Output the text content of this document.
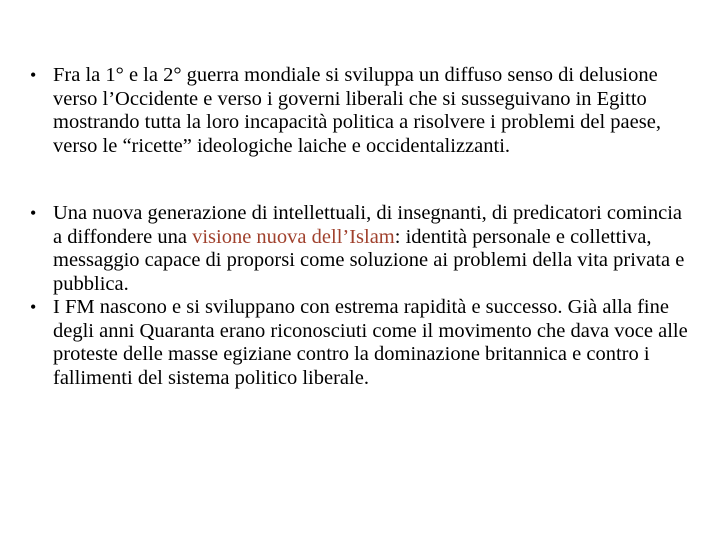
• Fra la 1° e la 2° guerra mondiale si sviluppa un diffuso senso di delusione verso l’Occidente e verso i governi liberali che si susseguivano in Egitto mostrando tutta la loro incapacità politica a risolvere i problemi del paese, verso le “ricette” ideologiche laiche e occidentalizzanti.
• Una nuova generazione di intellettuali, di insegnanti, di predicatori comincia a diffondere una visione nuova dell’Islam: identità personale e collettiva, messaggio capace di proporsi come soluzione ai problemi della vita privata e pubblica.
• I FM nascono e si sviluppano con estrema rapidità e successo. Già alla fine degli anni Quaranta erano riconosciuti come il movimento che dava voce alle proteste delle masse egiziane contro la dominazione britannica e contro i fallimenti del sistema politico liberale.
